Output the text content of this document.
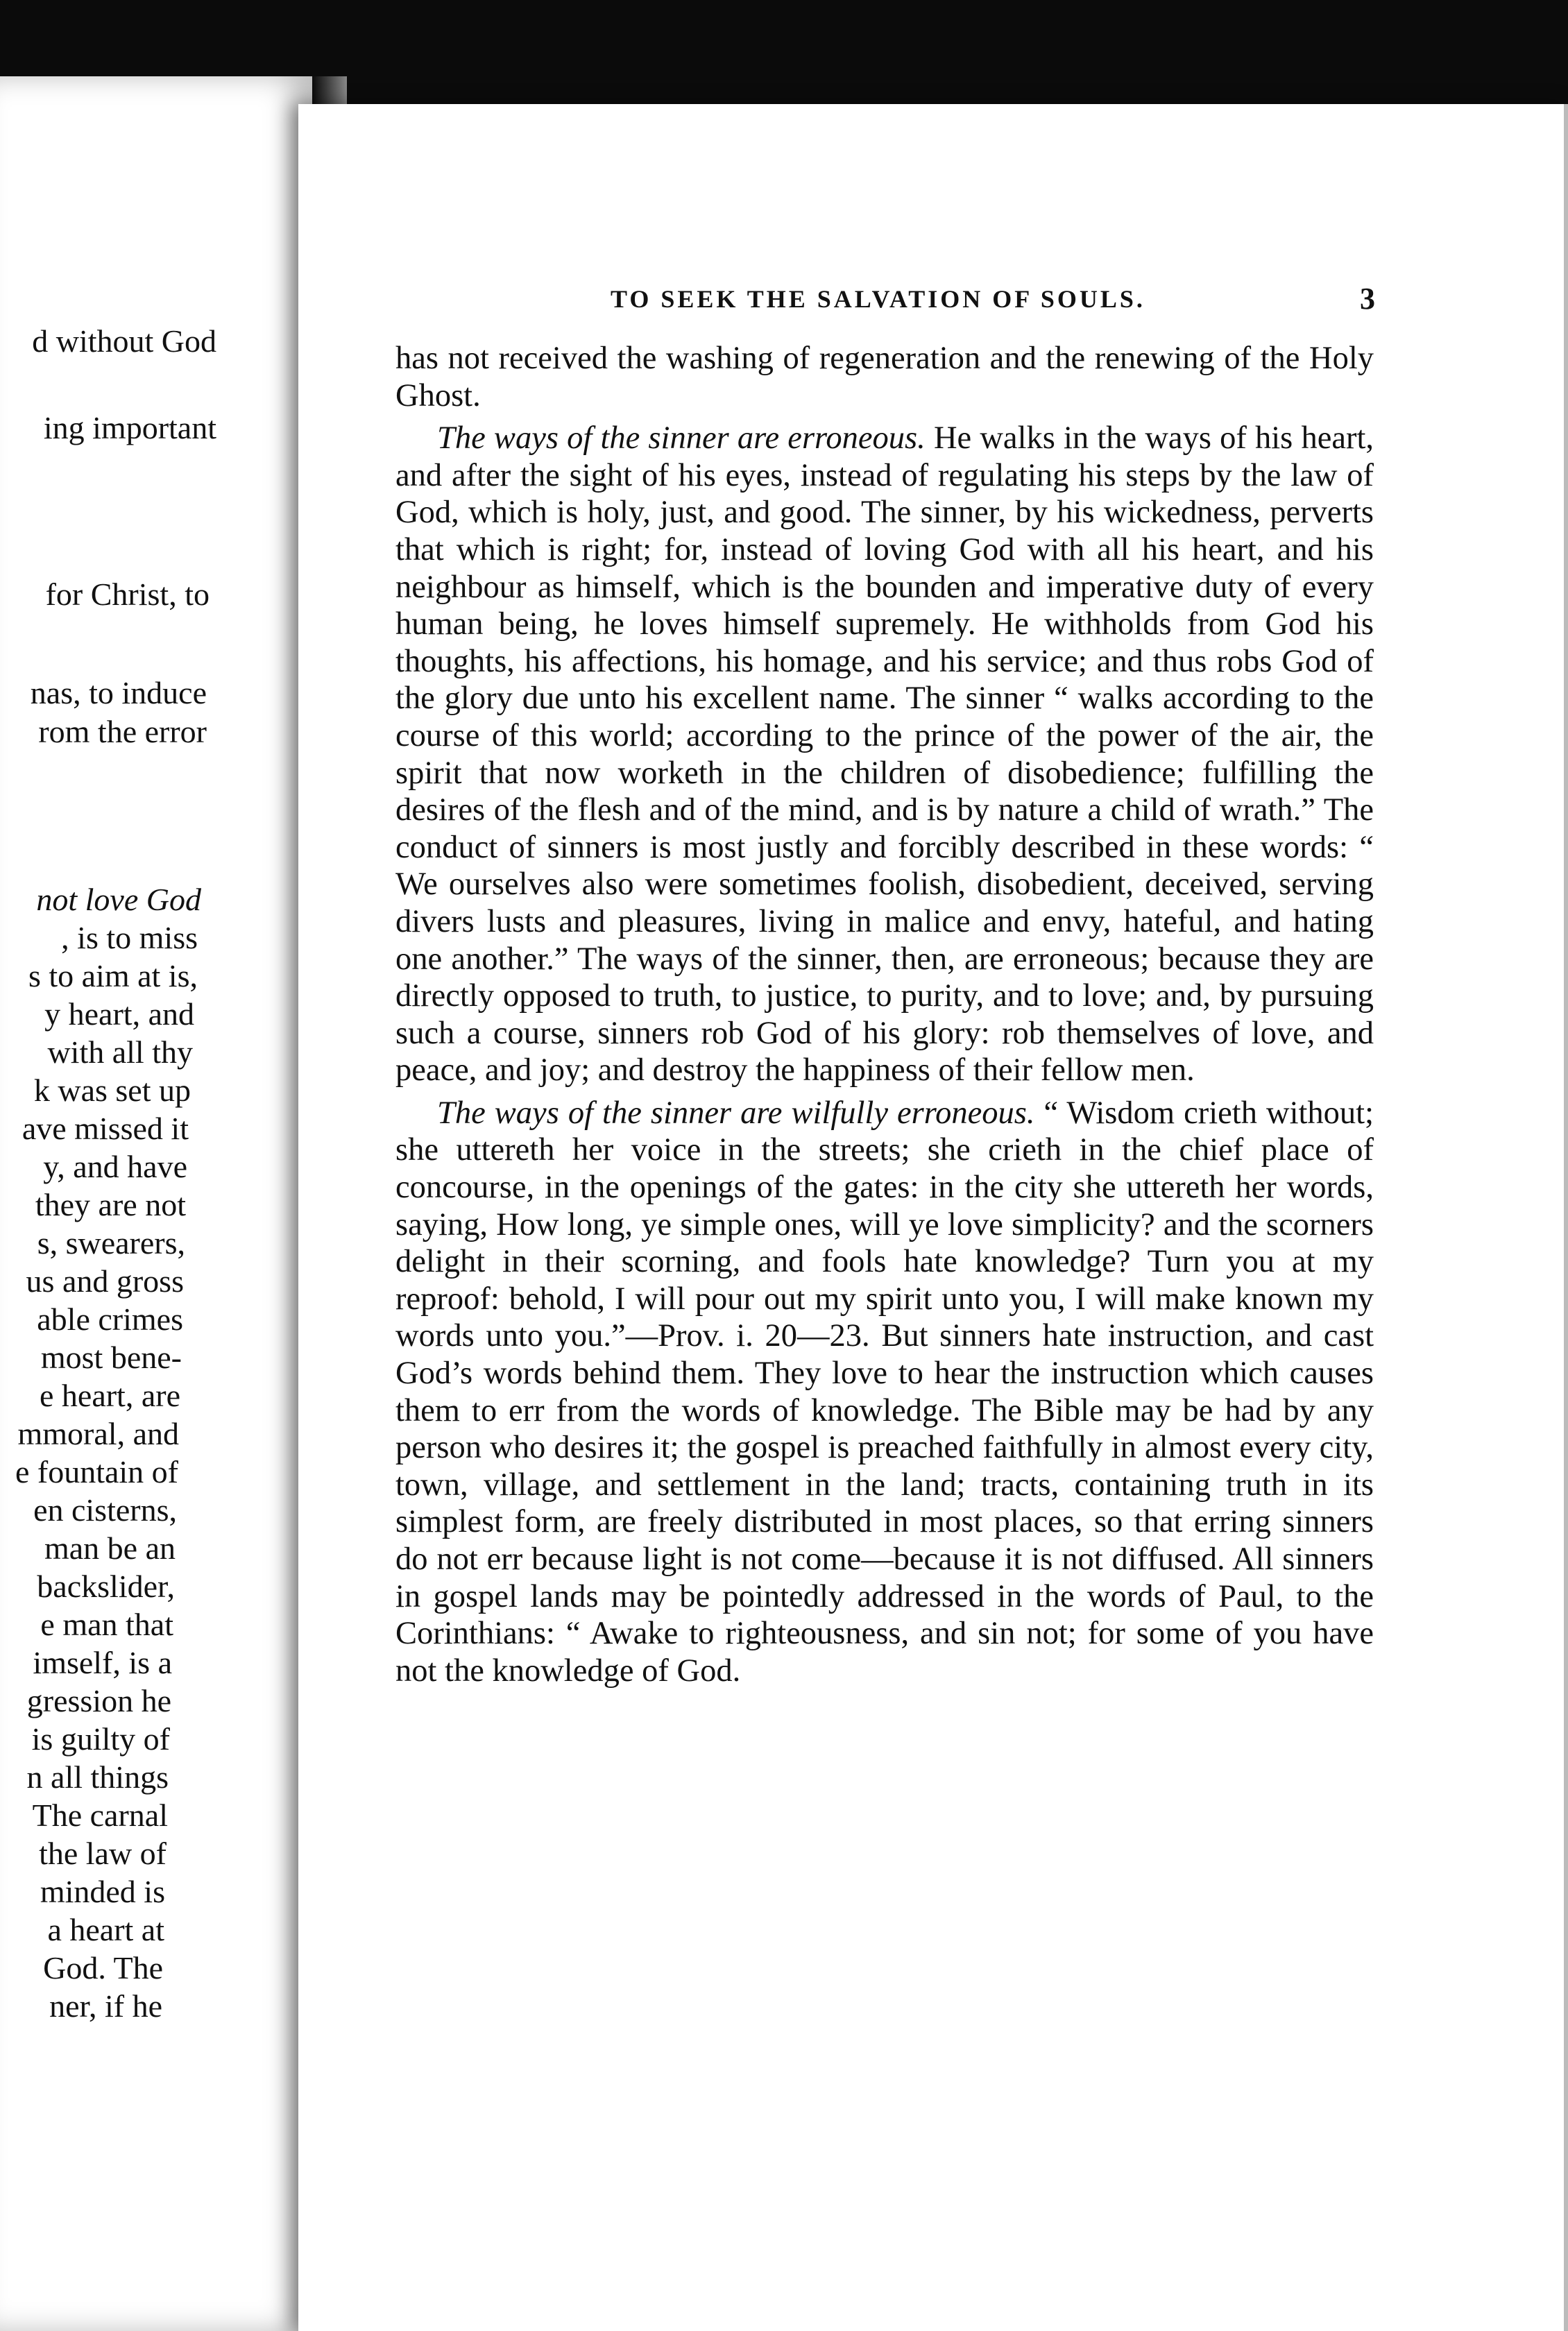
d without God
ing important
for Christ, to
nas, to induce
rom the error
not love God
, is to miss
s to aim at is,
y heart, and
with all thy
k was set up
ave missed it
y, and have
they are not
s, swearers,
us and gross
able crimes
most bene-
e heart, are
mmoral, and
e fountain of
en cisterns,
man be an
backslider,
e man that
imself, is a
gression he
is guilty of
n all things
The carnal
the law of
minded is
a heart at
God. The
ner, if he
TO SEEK THE SALVATION OF SOULS.	3

has not received the washing of regeneration and the renewing of the Holy Ghost.

The ways of the sinner are erroneous. He walks in the ways of his heart, and after the sight of his eyes, instead of regulating his steps by the law of God, which is holy, just, and good. The sinner, by his wickedness, perverts that which is right; for, instead of loving God with all his heart, and his neighbour as himself, which is the bounden and imperative duty of every human being, he loves himself supremely. He withholds from God his thoughts, his affections, his homage, and his service; and thus robs God of the glory due unto his excellent name. The sinner “ walks according to the course of this world; according to the prince of the power of the air, the spirit that now worketh in the children of disobedience; fulfilling the desires of the flesh and of the mind, and is by nature a child of wrath.” The conduct of sinners is most justly and forcibly described in these words: “ We ourselves also were sometimes foolish, disobedient, deceived, serving divers lusts and pleasures, living in malice and envy, hateful, and hating one another.” The ways of the sinner, then, are erroneous; because they are directly opposed to truth, to justice, to purity, and to love; and, by pursuing such a course, sinners rob God of his glory: rob themselves of love, and peace, and joy; and destroy the happiness of their fellow men.

The ways of the sinner are wilfully erroneous. “ Wisdom crieth without; she uttereth her voice in the streets; she crieth in the chief place of concourse, in the openings of the gates: in the city she uttereth her words, saying, How long, ye simple ones, will ye love simplicity? and the scorners delight in their scorning, and fools hate knowledge? Turn you at my reproof: behold, I will pour out my spirit unto you, I will make known my words unto you.”—Prov. i. 20—23. But sinners hate instruction, and cast God’s words behind them. They love to hear the instruction which causes them to err from the words of knowledge. The Bible may be had by any person who desires it; the gospel is preached faithfully in almost every city, town, village, and settlement in the land; tracts, containing truth in its simplest form, are freely distributed in most places, so that erring sinners do not err because light is not come—because it is not diffused. All sinners in gospel lands may be pointedly addressed in the words of Paul, to the Corinthians: “ Awake to righteousness, and sin not; for some of you have not the knowledge of God.
